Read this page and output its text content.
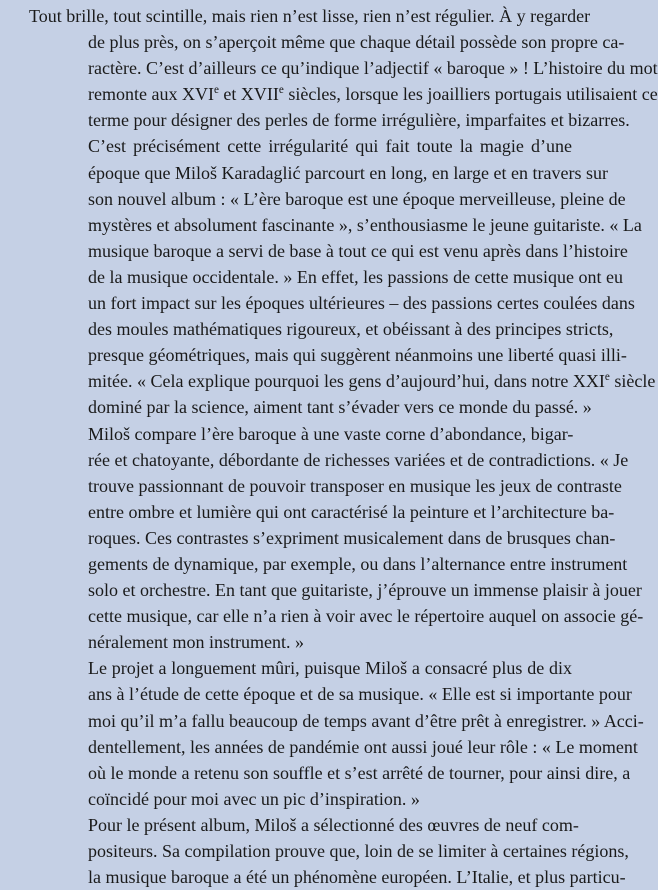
Tout brille, tout scintille, mais rien n’est lisse, rien n’est régulier. À y regarder
de plus près, on s’aperçoit même que chaque détail possède son propre ca-
ractère. C’est d’ailleurs ce qu’indique l’adjectif « baroque » ! L’histoire du mot
remonte aux XVIe et XVIIe siècles, lorsque les joailliers portugais utilisaient ce
terme pour désigner des perles de forme irrégulière, imparfaites et bizarres.
C’est précisément cette irrégularité qui fait toute la magie d’une
époque que Miloš Karadaglić parcourt en long, en large et en travers sur
son nouvel album : « L’ère baroque est une époque merveilleuse, pleine de
mystères et absolument fascinante », s’enthousiasme le jeune guitariste. « La
musique baroque a servi de base à tout ce qui est venu après dans l’histoire
de la musique occidentale. » En effet, les passions de cette musique ont eu
un fort impact sur les époques ultérieures – des passions certes coulées dans
des moules mathématiques rigoureux, et obéissant à des principes stricts,
presque géométriques, mais qui suggèrent néanmoins une liberté quasi illi-
mitée. « Cela explique pourquoi les gens d’aujourd’hui, dans notre XXIe siècle
dominé par la science, aiment tant s’évader vers ce monde du passé. »
Miloš compare l’ère baroque à une vaste corne d’abondance, bigar-
rée et chatoyante, débordante de richesses variées et de contradictions. « Je
trouve passionnant de pouvoir transposer en musique les jeux de contraste
entre ombre et lumière qui ont caractérisé la peinture et l’architecture ba-
roques. Ces contrastes s’expriment musicalement dans de brusques chan-
gements de dynamique, par exemple, ou dans l’alternance entre instrument
solo et orchestre. En tant que guitariste, j’éprouve un immense plaisir à jouer
cette musique, car elle n’a rien à voir avec le répertoire auquel on associe gé-
néralement mon instrument. »
Le projet a longuement mûri, puisque Miloš a consacré plus de dix
ans à l’étude de cette époque et de sa musique. « Elle est si importante pour
moi qu’il m’a fallu beaucoup de temps avant d’être prêt à enregistrer. » Acci-
dentellement, les années de pandémie ont aussi joué leur rôle : « Le moment
où le monde a retenu son souffle et s’est arrêté de tourner, pour ainsi dire, a
coïncidé pour moi avec un pic d’inspiration. »
Pour le présent album, Miloš a sélectionné des œuvres de neuf com-
positeurs. Sa compilation prouve que, loin de se limiter à certaines régions,
la musique baroque a été un phénomène européen. L’Italie, et plus particu-
